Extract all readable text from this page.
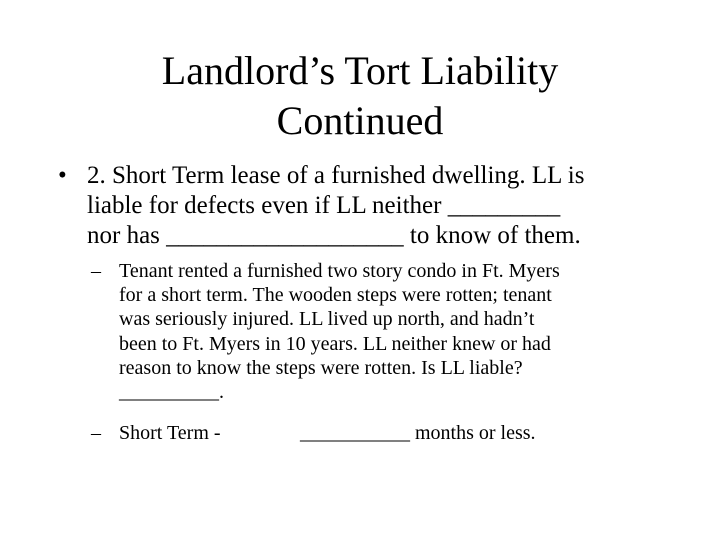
Landlord’s Tort Liability
Continued
• 2. Short Term lease of a furnished dwelling. LL is
liable for defects even if LL neither _________
nor has ___________________ to know of them.
– Tenant rented a furnished two story condo in Ft. Myers
for a short term. The wooden steps were rotten; tenant
was seriously injured. LL lived up north, and hadn’t
been to Ft. Myers in 10 years. LL neither knew or had
reason to know the steps were rotten. Is LL liable?
__________.
– Short Term -	___________ months or less.
